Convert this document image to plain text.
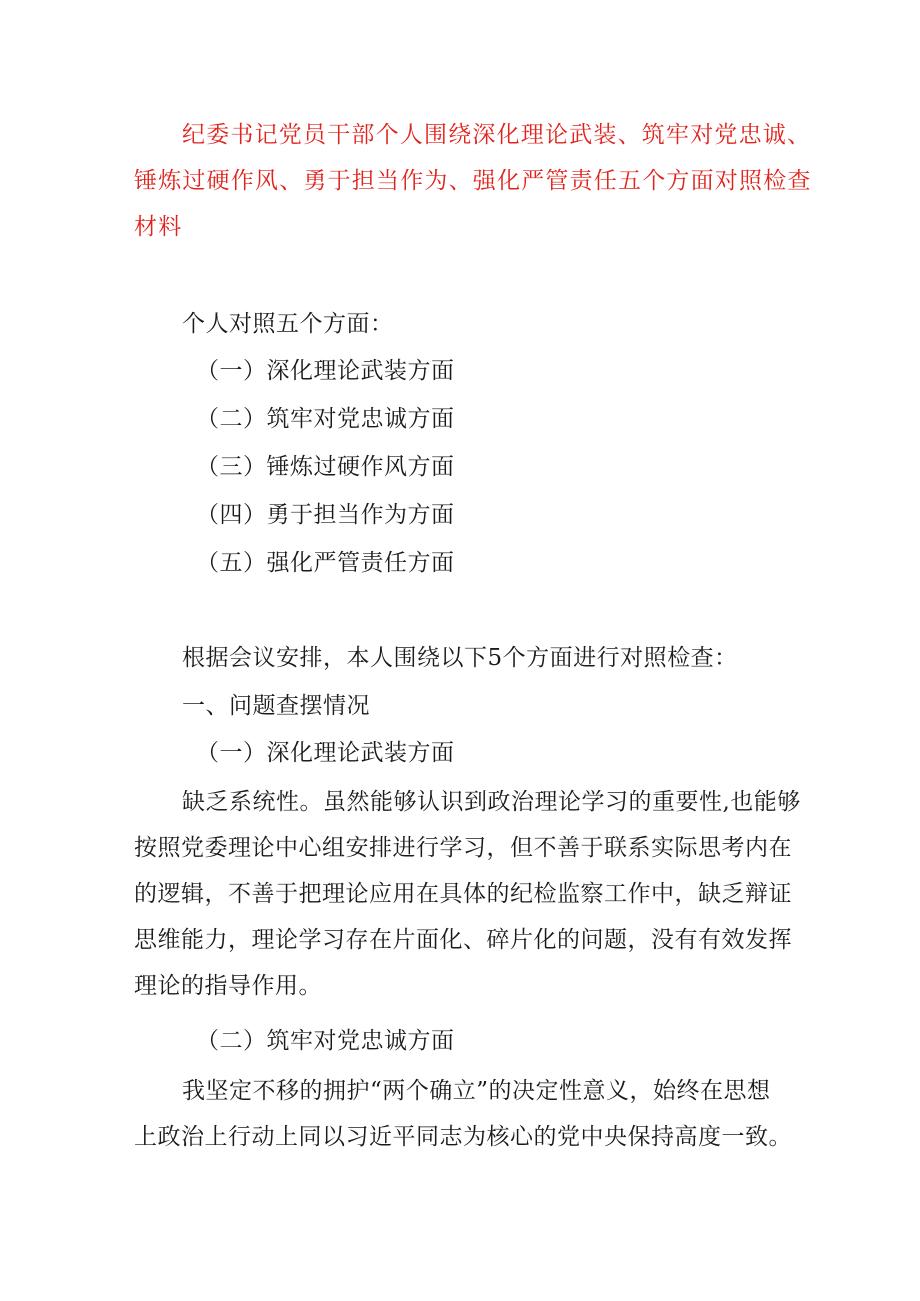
纪委书记党员干部个人围绕深化理论武装、筑牢对党忠诚、
锤炼过硬作风、勇于担当作为、强化严管责任五个方面对照检查
材料
个人对照五个方面：
（一）深化理论武装方面
（二）筑牢对党忠诚方面
（三）锤炼过硬作风方面
（四）勇于担当作为方面
（五）强化严管责任方面
根据会议安排，本人围绕以下5个方面进行对照检查：
一、问题查摆情况
（一）深化理论武装方面
缺乏系统性。虽然能够认识到政治理论学习的重要性,也能够
按照党委理论中心组安排进行学习，但不善于联系实际思考内在
的逻辑，不善于把理论应用在具体的纪检监察工作中，缺乏辩证
思维能力，理论学习存在片面化、碎片化的问题，没有有效发挥
理论的指导作用。
（二）筑牢对党忠诚方面
我坚定不移的拥护“两个确立”的决定性意义，始终在思想
上政治上行动上同以习近平同志为核心的党中央保持高度一致。
